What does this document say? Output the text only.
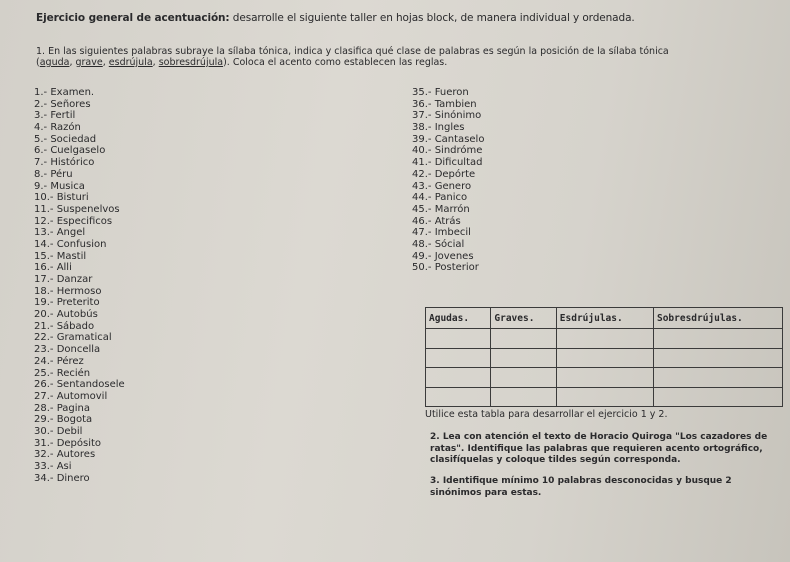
Ejercicio general de acentuación: desarrolle el siguiente taller en hojas block, de manera individual y ordenada.
1. En las siguientes palabras subraye la sílaba tónica, indica y clasifica qué clase de palabras es según la posición de la sílaba tónica
(aguda, grave, esdrújula, sobresdrújula). Coloca el acento como establecen las reglas.
1.- Examen.
2.- Señores
3.- Fertil
4.- Razón
5.- Sociedad
6.- Cuelgaselo
7.- Histórico
8.- Péru
9.- Musica
10.- Bisturi
11.- Suspenelvos
12.- Especificos
13.- Angel
14.- Confusion
15.- Mastil
16.- Alli
17.- Danzar
18.- Hermoso
19.- Preterito
20.- Autobús
21.- Sábado
22.- Gramatical
23.- Doncella
24.- Pérez
25.- Recién
26.- Sentandosele
27.- Automovil
28.- Pagina
29.- Bogota
30.- Debil
31.- Depósito
32.- Autores
33.- Asi
34.- Dinero
35.- Fueron
36.- Tambien
37.- Sinónimo
38.- Ingles
39.- Cantaselo
40.- Sindróme
41.- Dificultad
42.- Depórte
43.- Genero
44.- Panico
45.- Marrón
46.- Atrás
47.- Imbecil
48.- Sócial
49.- Jovenes
50.- Posterior
Agudas.	Graves.	Esdrújulas.	Sobresdrújulas.

Utilice esta tabla para desarrollar el ejercicio 1 y 2.
2. Lea con atención el texto de Horacio Quiroga "Los cazadores de ratas". Identifique las palabras que requieren acento ortográfico, clasifíquelas y coloque tildes según corresponda.
3. Identifique mínimo 10 palabras desconocidas y busque 2 sinónimos para estas.
